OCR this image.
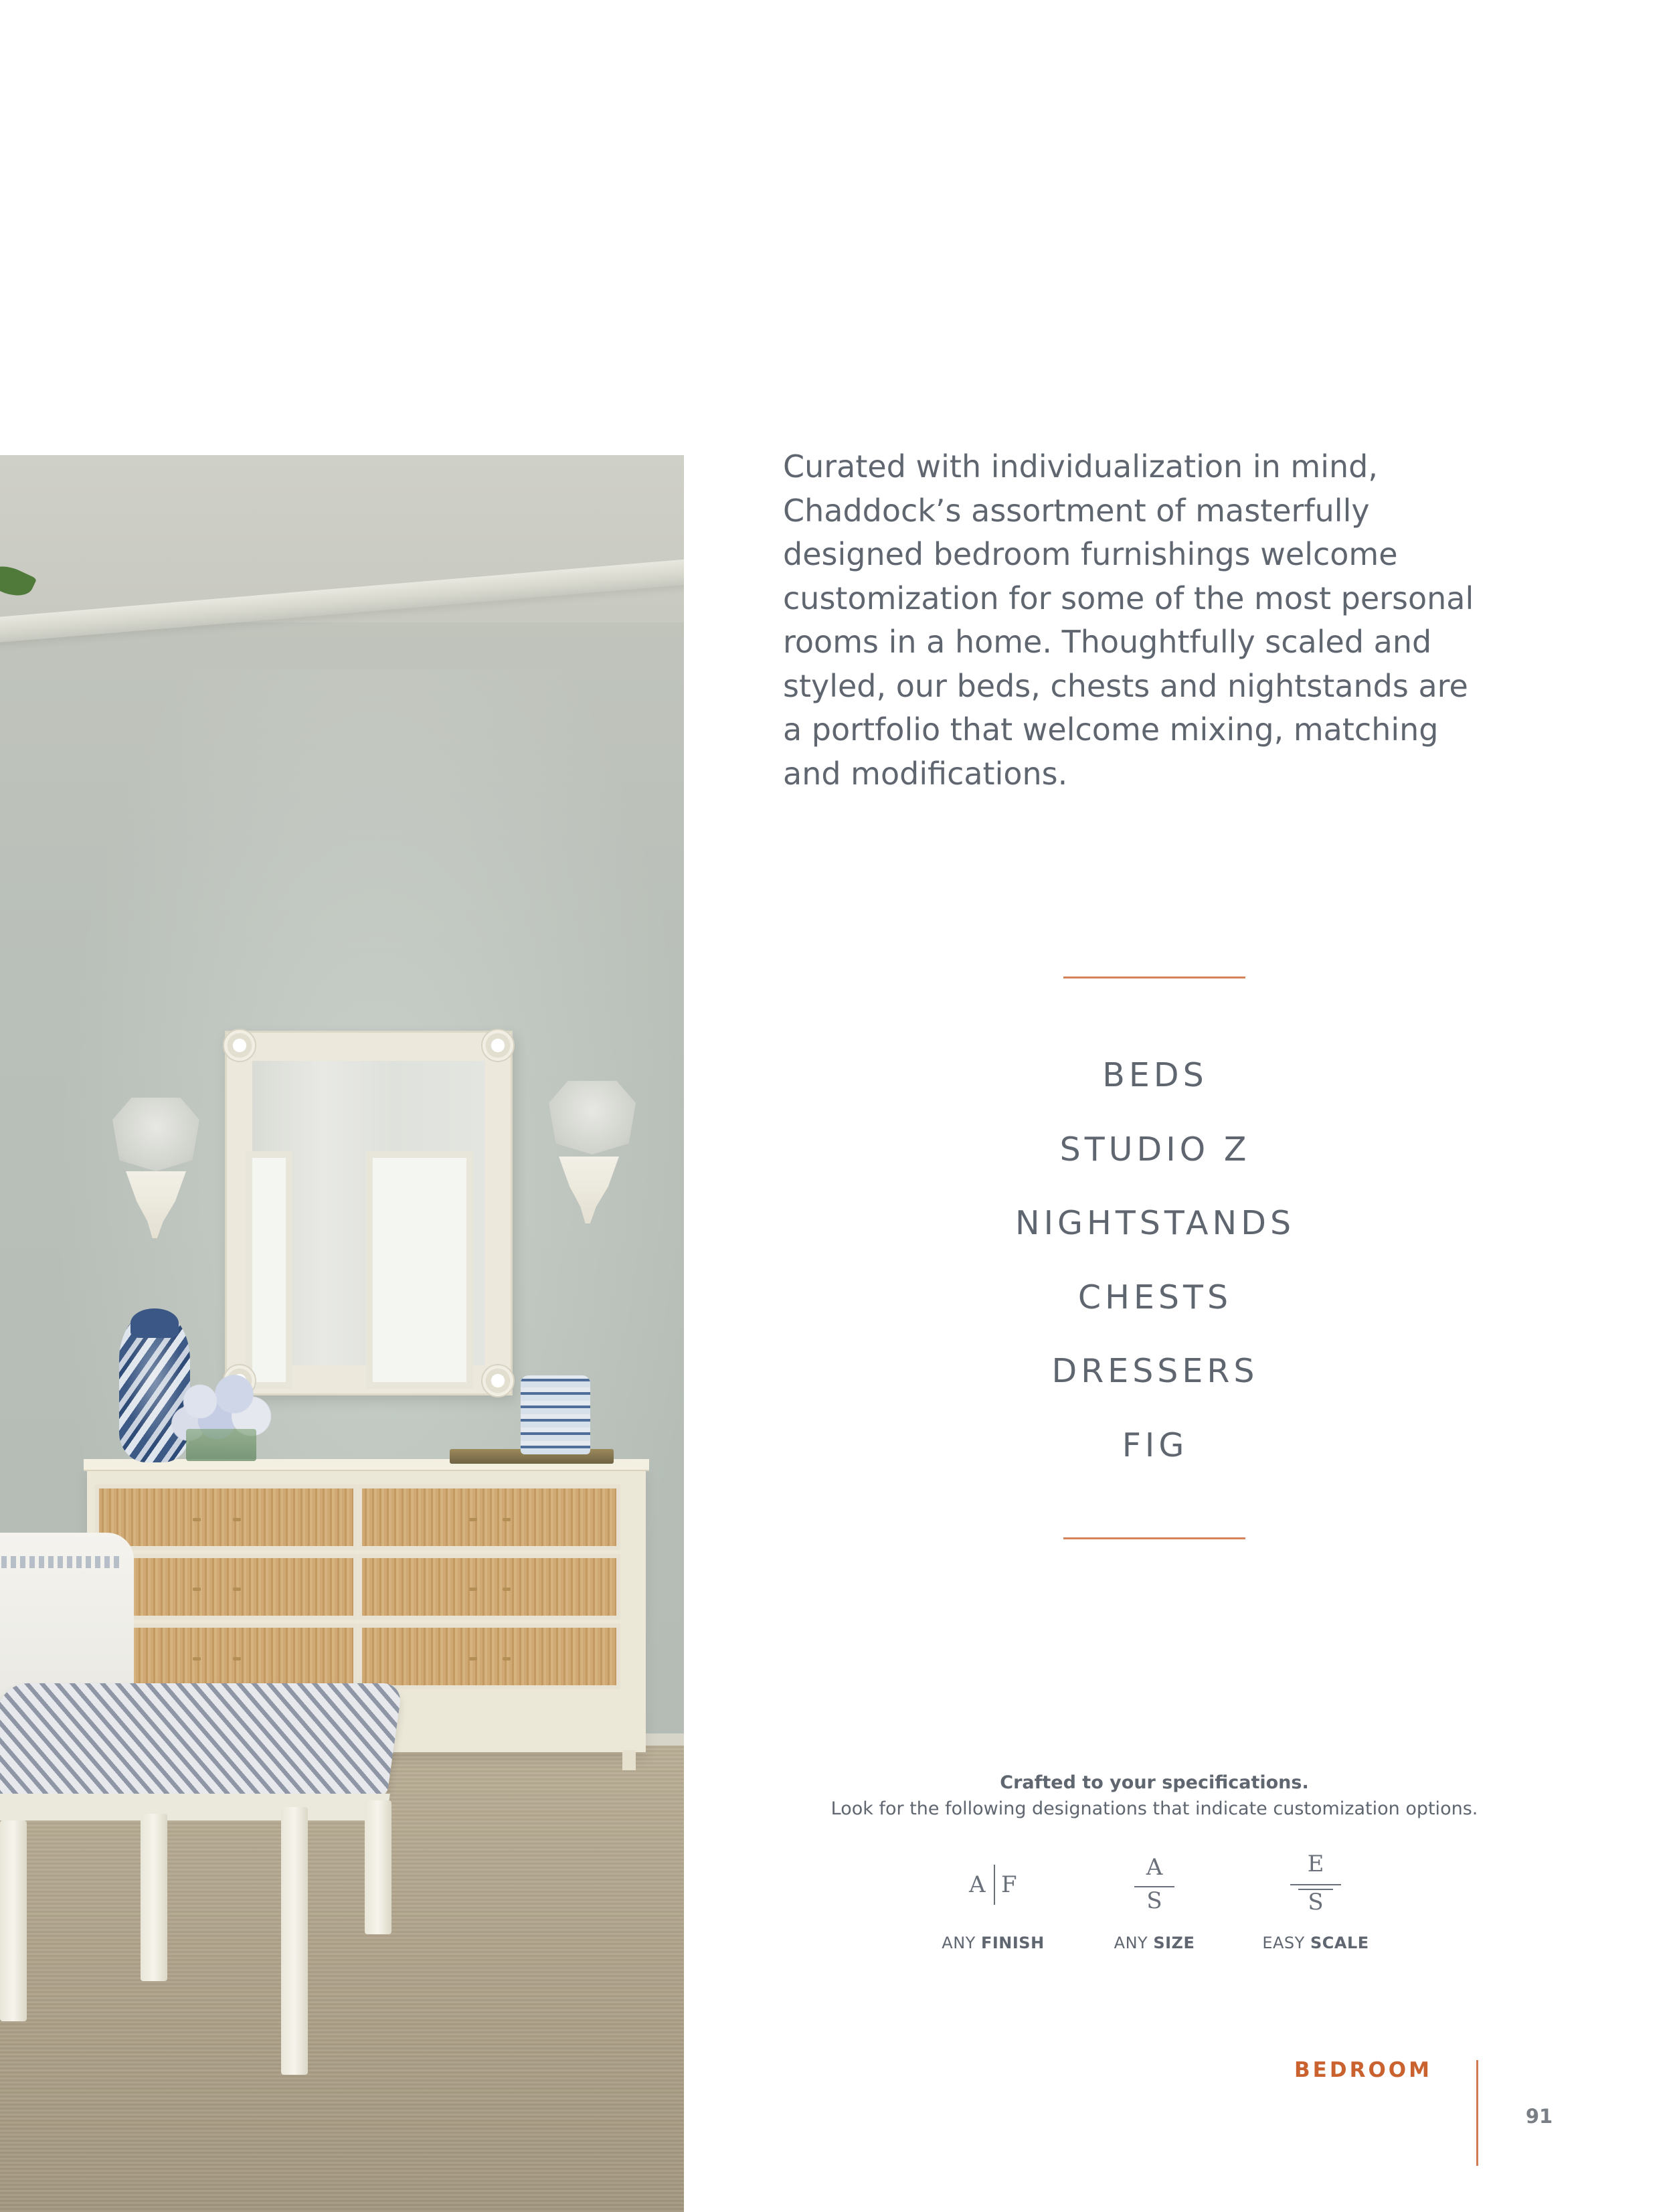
Curated with individualization in mind,
Chaddock’s assortment of masterfully
designed bedroom furnishings welcome
customization for some of the most personal
rooms in a home. Thoughtfully scaled and
styled, our beds, chests and nightstands are
a portfolio that welcome mixing, matching
and modifications.

BEDS
STUDIO Z
NIGHTSTANDS
CHESTS
DRESSERS
FIG
Crafted to your specifications.
Look for the following designations that indicate customization options.
A F
A
S
E
S
ANY FINISH	ANY SIZE	EASY SCALE
BEDROOM
91
